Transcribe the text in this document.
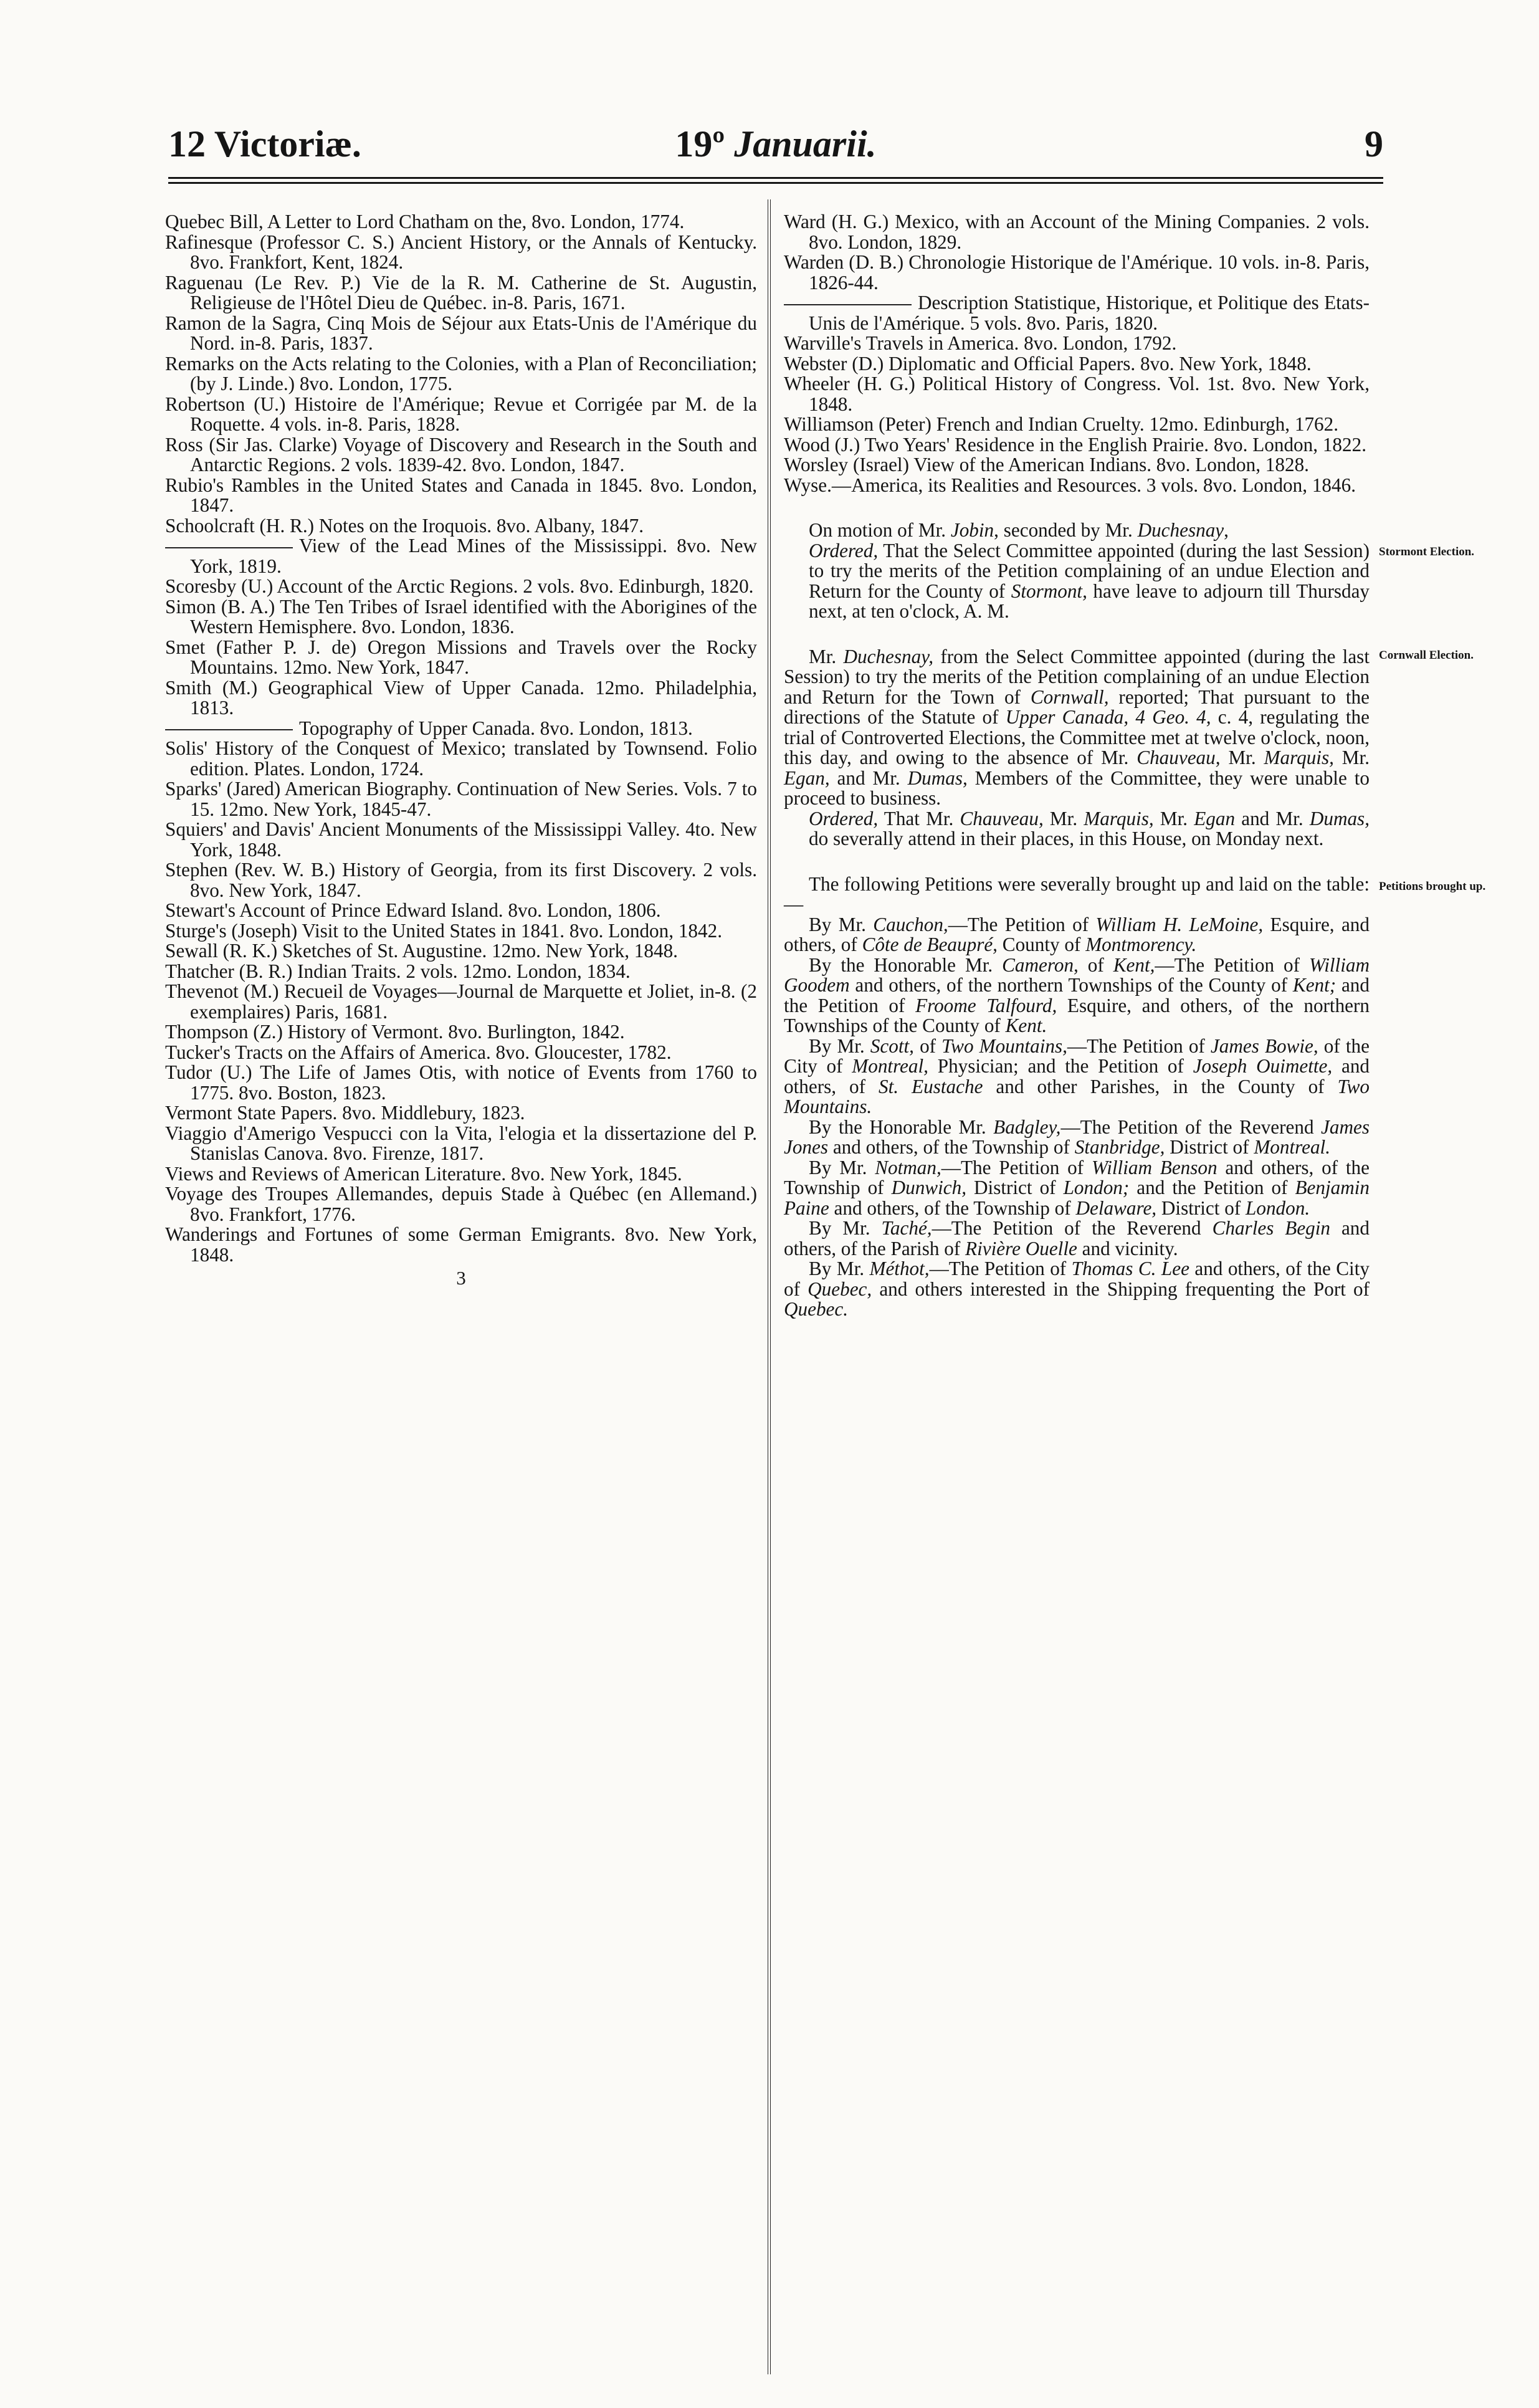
12 Victoriæ.	19º Januarii.	9
Quebec Bill, A Letter to Lord Chatham on the, 8vo. London, 1774.
Rafinesque (Professor C. S.) Ancient History, or the Annals of Kentucky. 8vo. Frankfort, Kent, 1824.
Raguenau (Le Rev. P.) Vie de la R. M. Catherine de St. Augustin, Religieuse de l'Hôtel Dieu de Québec. in-8. Paris, 1671.
Ramon de la Sagra, Cinq Mois de Séjour aux Etats-Unis de l'Amérique du Nord. in-8. Paris, 1837.
Remarks on the Acts relating to the Colonies, with a Plan of Reconciliation; (by J. Linde.) 8vo. London, 1775.
Robertson (U.) Histoire de l'Amérique; Revue et Corrigée par M. de la Roquette. 4 vols. in-8. Paris, 1828.
Ross (Sir Jas. Clarke) Voyage of Discovery and Research in the South and Antarctic Regions. 2 vols. 1839-42. 8vo. London, 1847.
Rubio's Rambles in the United States and Canada in 1845. 8vo. London, 1847.
Schoolcraft (H. R.) Notes on the Iroquois. 8vo. Albany, 1847.
View of the Lead Mines of the Mississippi. 8vo. New York, 1819.
Scoresby (U.) Account of the Arctic Regions. 2 vols. 8vo. Edinburgh, 1820.
Simon (B. A.) The Ten Tribes of Israel identified with the Aborigines of the Western Hemisphere. 8vo. London, 1836.
Smet (Father P. J. de) Oregon Missions and Travels over the Rocky Mountains. 12mo. New York, 1847.
Smith (M.) Geographical View of Upper Canada. 12mo. Philadelphia, 1813.
Topography of Upper Canada. 8vo. London, 1813.
Solis' History of the Conquest of Mexico; translated by Townsend. Folio edition. Plates. London, 1724.
Sparks' (Jared) American Biography. Continuation of New Series. Vols. 7 to 15. 12mo. New York, 1845-47.
Squiers' and Davis' Ancient Monuments of the Mississippi Valley. 4to. New York, 1848.
Stephen (Rev. W. B.) History of Georgia, from its first Discovery. 2 vols. 8vo. New York, 1847.
Stewart's Account of Prince Edward Island. 8vo. London, 1806.
Sturge's (Joseph) Visit to the United States in 1841. 8vo. London, 1842.
Sewall (R. K.) Sketches of St. Augustine. 12mo. New York, 1848.
Thatcher (B. R.) Indian Traits. 2 vols. 12mo. London, 1834.
Thevenot (M.) Recueil de Voyages—Journal de Marquette et Joliet, in-8. (2 exemplaires) Paris, 1681.
Thompson (Z.) History of Vermont. 8vo. Burlington, 1842.
Tucker's Tracts on the Affairs of America. 8vo. Gloucester, 1782.
Tudor (U.) The Life of James Otis, with notice of Events from 1760 to 1775. 8vo. Boston, 1823.
Vermont State Papers. 8vo. Middlebury, 1823.
Viaggio d'Amerigo Vespucci con la Vita, l'elogia et la dissertazione del P. Stanislas Canova. 8vo. Firenze, 1817.
Views and Reviews of American Literature. 8vo. New York, 1845.
Voyage des Troupes Allemandes, depuis Stade à Québec (en Allemand.) 8vo. Frankfort, 1776.
Wanderings and Fortunes of some German Emigrants. 8vo. New York, 1848.
3
Ward (H. G.) Mexico, with an Account of the Mining Companies. 2 vols. 8vo. London, 1829.
Warden (D. B.) Chronologie Historique de l'Amérique. 10 vols. in-8. Paris, 1826-44.
Description Statistique, Historique, et Politique des Etats-Unis de l'Amérique. 5 vols. 8vo. Paris, 1820.
Warville's Travels in America. 8vo. London, 1792.
Webster (D.) Diplomatic and Official Papers. 8vo. New York, 1848.
Wheeler (H. G.) Political History of Congress. Vol. 1st. 8vo. New York, 1848.
Williamson (Peter) French and Indian Cruelty. 12mo. Edinburgh, 1762.
Wood (J.) Two Years' Residence in the English Prairie. 8vo. London, 1822.
Worsley (Israel) View of the American Indians. 8vo. London, 1828.
Wyse.—America, its Realities and Resources. 3 vols. 8vo. London, 1846.
On motion of Mr. Jobin, seconded by Mr. Duchesnay,
Stormont Election.
Ordered, That the Select Committee appointed (during the last Session) to try the merits of the Petition complaining of an undue Election and Return for the County of Stormont, have leave to adjourn till Thursday next, at ten o'clock, A. M.
Cornwall Election.
Mr. Duchesnay, from the Select Committee appointed (during the last Session) to try the merits of the Petition complaining of an undue Election and Return for the Town of Cornwall, reported; That pursuant to the directions of the Statute of Upper Canada, 4 Geo. 4, c. 4, regulating the trial of Controverted Elections, the Committee met at twelve o'clock, noon, this day, and owing to the absence of Mr. Chauveau, Mr. Marquis, Mr. Egan, and Mr. Dumas, Members of the Committee, they were unable to proceed to business.
Ordered, That Mr. Chauveau, Mr. Marquis, Mr. Egan and Mr. Dumas, do severally attend in their places, in this House, on Monday next.
Petitions brought up.
The following Petitions were severally brought up and laid on the table:—
By Mr. Cauchon,—The Petition of William H. LeMoine, Esquire, and others, of Côte de Beaupré, County of Montmorency.
By the Honorable Mr. Cameron, of Kent,—The Petition of William Goodem and others, of the northern Townships of the County of Kent; and the Petition of Froome Talfourd, Esquire, and others, of the northern Townships of the County of Kent.
By Mr. Scott, of Two Mountains,—The Petition of James Bowie, of the City of Montreal, Physician; and the Petition of Joseph Ouimette, and others, of St. Eustache and other Parishes, in the County of Two Mountains.
By the Honorable Mr. Badgley,—The Petition of the Reverend James Jones and others, of the Township of Stanbridge, District of Montreal.
By Mr. Notman,—The Petition of William Benson and others, of the Township of Dunwich, District of London; and the Petition of Benjamin Paine and others, of the Township of Delaware, District of London.
By Mr. Taché,—The Petition of the Reverend Charles Begin and others, of the Parish of Rivière Ouelle and vicinity.
By Mr. Méthot,—The Petition of Thomas C. Lee and others, of the City of Quebec, and others interested in the Shipping frequenting the Port of Quebec.
